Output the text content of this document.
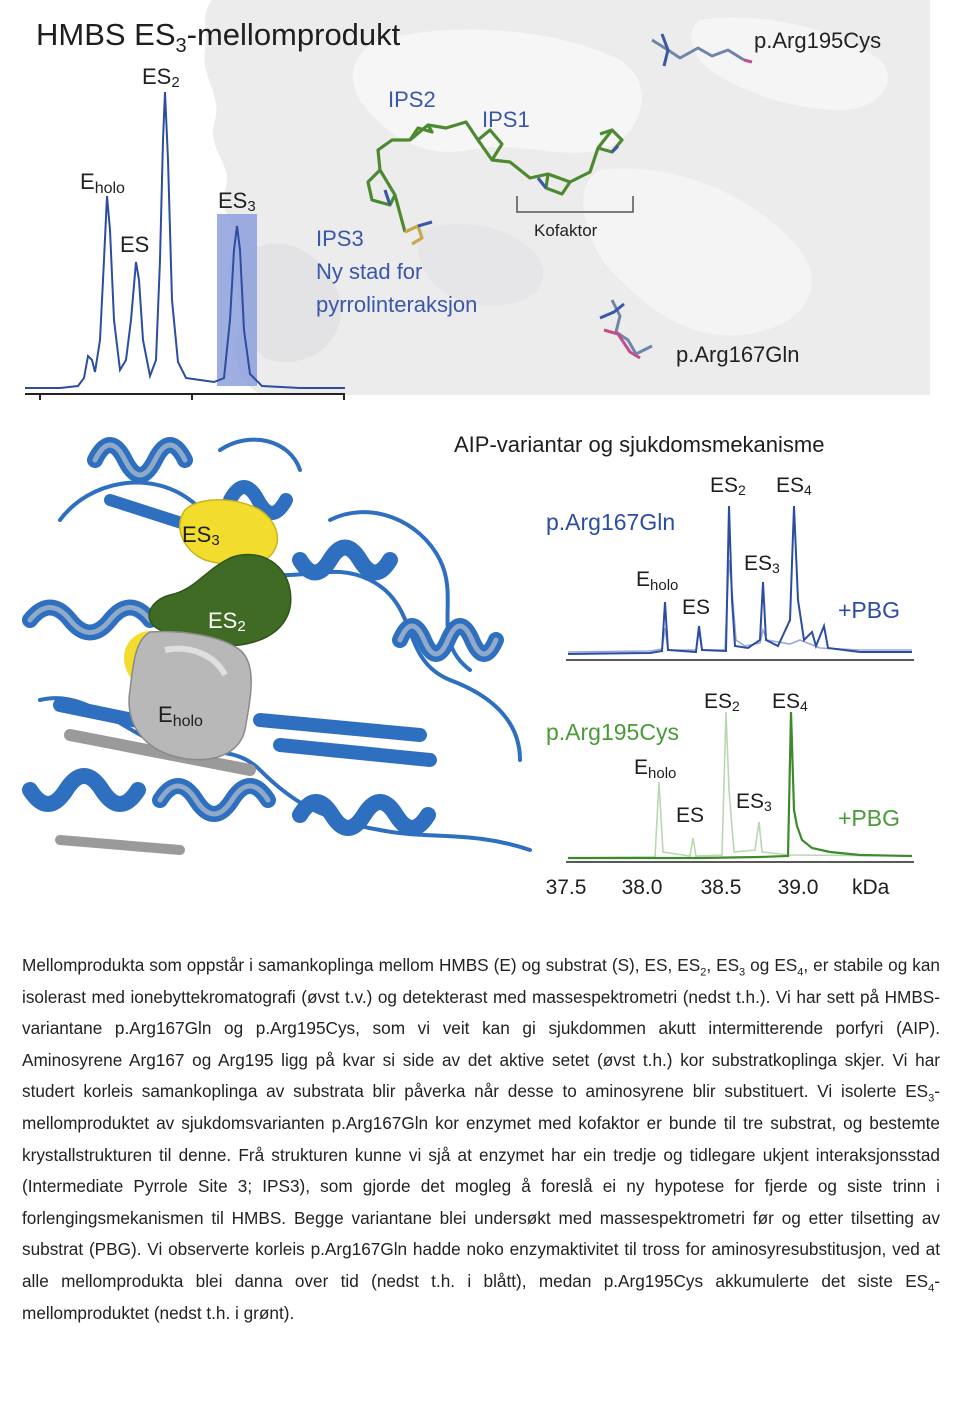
HMBS $ES_3$-mellomprodukt
ES2
Eholo
ES
ES3
Kofaktor
IPS2
IPS1
IPS3
Ny stad for
pyrrolinteraksjon
p.Arg195Cys
p.Arg167Gln
ES3
ES2
Eholo
AIP-variantar og sjukdomsmekanisme
p.Arg167Gln
+PBG
ES2 ES4
ES3
Eholo
ES
p.Arg195Cys
+PBG
ES2 ES4
Eholo
ES3
ES
37.5 38.0 38.5 39.0 kDa
Mellomprodukta som oppstår i samankoplinga mellom HMBS (E) og substrat (S), ES, $ES_2$, $ES_3$ og $ES_4$, er stabile og kan isolerast med ionebyttekromatografi (øvst t.v.) og detekterast med massespektrometri (nedst t.h.). Vi har sett på HMBS-variantane p.Arg167Gln og p.Arg195Cys, som vi veit kan gi sjukdommen akutt intermitterende porfyri (AIP). Aminosyrene Arg167 og Arg195 ligg på kvar si side av det aktive setet (øvst t.h.) kor substratkoplinga skjer. Vi har studert korleis samankoplinga av substrata blir påverka når desse to aminosyrene blir substituert. Vi isolerte $ES_3$-mellomproduktet av sjukdomsvarianten p.Arg167Gln kor enzymet med kofaktor er bunde til tre substrat, og bestemte krystallstrukturen til denne. Frå strukturen kunne vi sjå at enzymet har ein tredje og tidlegare ukjent interaksjonsstad (Intermediate Pyrrole Site 3; IPS3), som gjorde det mogleg å foreslå ei ny hypotese for fjerde og siste trinn i forlengingsmekanismen til HMBS. Begge variantane blei undersøkt med massespektrometri før og etter tilsetting av substrat (PBG). Vi observerte korleis p.Arg167Gln hadde noko enzymaktivitet til tross for aminosyresubstitusjon, ved at alle mellomprodukta blei danna over tid (nedst t.h. i blått), medan p.Arg195Cys akkumulerte det siste $ES_4$-mellomproduktet (nedst t.h. i grønt).
